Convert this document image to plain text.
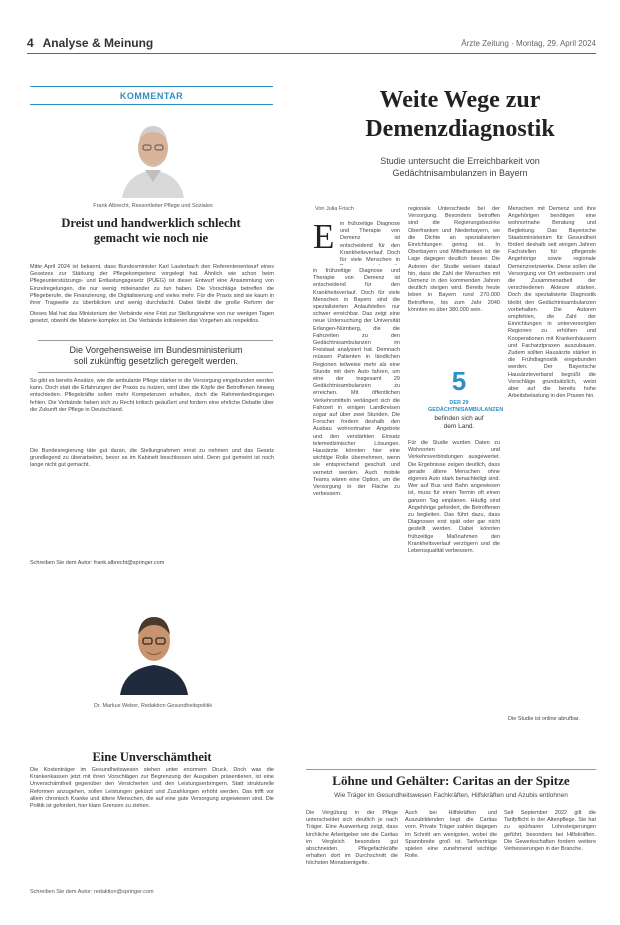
4 Analyse & Meinung	Ärzte Zeitung · Montag, 29. April 2024
KOMMENTAR
Frank Albrecht, Ressortleiter Pflege und Soziales
Dreist und handwerklich schlecht gemacht wie noch nie
Mitte April 2024 ist bekannt, dass Bundesminister Karl Lauterbach den Referentenentwurf eines Gesetzes zur Stärkung der Pflegekompetenz vorgelegt hat. Ähnlich wie schon beim Pflegeunterstützungs- und Entlastungsgesetz (PUEG) ist dieser Entwurf eine Ansammlung von Einzelregelungen, die nur wenig miteinander zu tun haben. Die Vorschläge betreffen die Pflegeberufe, die Finanzierung, die Digitalisierung und vieles mehr. Für die Praxis sind sie kaum in ihrer Tragweite zu überblicken und wenig durchdacht. Dabei bleibt die große Reform der
Dieses Mal hat das Ministerium der Verbände eine Frist zur Stellungnahme von nur wenigen Tagen gesetzt, obwohl die Materie komplex ist. Die Verbände kritisieren das Vorgehen als respektlos.
Die Vorgehensweise im Bundesministerium soll zukünftig gesetzlich geregelt werden.
So gibt es bereits Ansätze, wie die ambulante Pflege stärker in die Versorgung eingebunden werden kann. Doch statt die Erfahrungen der Praxis zu nutzen, wird über die Köpfe der Betroffenen hinweg entschieden. Pflegekräfte sollen mehr Kompetenzen erhalten, doch die Rahmenbedingungen fehlen. Die Verbände haben sich zu Recht kritisch geäußert und fordern eine ehrliche Debatte über die Zukunft der Pflege in Deutschland.
Die Bundesregierung täte gut daran, die Stellungnahmen ernst zu nehmen und das Gesetz grundlegend zu überarbeiten, bevor es im Kabinett beschlossen wird. Denn gut gemeint ist noch lange nicht gut gemacht.
Schreiben Sie dem Autor: frank.albrecht@springer.com
Dr. Markus Weber, Redaktion Gesundheitspolitik
Eine Unverschämtheit
Die Kostenträger im Gesundheitswesen stehen unter enormem Druck. Doch was die Krankenkassen jetzt mit ihren Vorschlägen zur Begrenzung der Ausgaben präsentieren, ist eine Unverschämtheit gegenüber den Versicherten und den Leistungserbringern. Statt strukturelle Reformen anzugehen, sollen Leistungen gekürzt und Zuzahlungen erhöht werden. Das trifft vor allem chronisch Kranke und ältere Menschen, die auf eine gute Versorgung angewiesen sind. Die Politik ist gefordert, hier klare Grenzen zu ziehen.
Schreiben Sie dem Autor: redaktion@springer.com
Weite Wege zur Demenzdiagnostik
Studie untersucht die Erreichbarkeit von Gedächtnisambulanzen in Bayern
Von Julia Frisch
E in frühzeitige Diagnose und Therapie von Demenz ist entscheidend für den Krankheitsverlauf. Doch für viele Menschen in
in frühzeitige Diagnose und Therapie von Demenz ist entscheidend für den Krankheitsverlauf. Doch für viele Menschen in Bayern sind die spezialisierten Anlaufstellen nur schwer erreichbar. Das zeigt eine neue Untersuchung der Universität Erlangen-Nürnberg, die die Fahrzeiten zu den Gedächtnisambulanzen im Freistaat analysiert hat. Demnach müssen Patienten in ländlichen Regionen teilweise mehr als eine Stunde mit dem Auto fahren, um eine der insgesamt 29 Gedächtnisambulanzen zu erreichen. Mit öffentlichen Verkehrsmitteln verlängert sich die Fahrzeit in einigen Landkreisen sogar auf über zwei Stunden. Die Forscher fordern deshalb den Ausbau wohnortnaher Angebote und den verstärkten Einsatz telemedizinischer Lösungen. Hausärzte könnten hier eine wichtige Rolle übernehmen, wenn sie entsprechend geschult und vernetzt werden. Auch mobile Teams wären eine Option, um die Versorgung in der Fläche zu verbessern.
regionale Unterschiede bei der Versorgung. Besonders betroffen sind die Regierungsbezirke Oberfranken und Niederbayern, wo die Dichte an spezialisierten Einrichtungen gering ist. In Oberbayern und Mittelfranken ist die Lage dagegen deutlich besser. Die Autoren der Studie weisen darauf hin, dass die Zahl der Menschen mit Demenz in den kommenden Jahren deutlich steigen wird. Bereits heute leben in Bayern rund 270.000 Betroffene, bis zum Jahr 2040 könnten es über 380.000 sein.
5
DER 29 GEDÄCHTNISAMBULANZEN
befinden sich auf dem Land.
Für die Studie wurden Daten zu Wohnorten und Verkehrsverbindungen ausgewertet. Die Ergebnisse zeigen deutlich, dass gerade ältere Menschen ohne eigenes Auto stark benachteiligt sind. Wer auf Bus und Bahn angewiesen ist, muss für einen Termin oft einen ganzen Tag einplanen. Häufig sind Angehörige gefordert, die Betroffenen zu begleiten. Das führt dazu, dass Diagnosen erst spät oder gar nicht gestellt werden. Dabei könnten frühzeitige Maßnahmen den Krankheitsverlauf verzögern und die Lebensqualität verbessern.
Menschen mit Demenz und ihre Angehörigen benötigen eine wohnortnahe Beratung und Begleitung. Das Bayerische Staatsministerium für Gesundheit fördert deshalb seit einigen Jahren Fachstellen für pflegende Angehörige sowie regionale Demenznetzwerke. Diese sollen die Versorgung vor Ort verbessern und die Zusammenarbeit der verschiedenen Akteure stärken. Doch die spezialisierte Diagnostik bleibt den Gedächtnisambulanzen vorbehalten. Die Autoren empfehlen, die Zahl der Einrichtungen in unterversorgten Regionen zu erhöhen und Kooperationen mit Krankenhäusern und Facharztpraxen auszubauen. Zudem sollten Hausärzte stärker in die Frühdiagnostik eingebunden werden. Der Bayerische Hausärzteverband begrüßt die Vorschläge grundsätzlich, weist aber auf die bereits hohe Arbeitsbelastung in den Praxen hin.
Die Studie ist online abrufbar.
Löhne und Gehälter: Caritas an der Spitze
Wie Träger im Gesundheitswesen Fachkräften, Hilfskräften und Azubis entlohnen
Die Vergütung in der Pflege unterscheidet sich deutlich je nach Träger. Eine Auswertung zeigt, dass kirchliche Arbeitgeber wie die Caritas im Vergleich besonders gut abschneiden. Pflegefachkräfte erhalten dort im Durchschnitt die höchsten Monatsentgelte.
Auch bei Hilfskräften und Auszubildenden liegt die Caritas vorn. Private Träger zahlen dagegen im Schnitt am wenigsten, wobei die Spannbreite groß ist. Tarifverträge spielen eine zunehmend wichtige Rolle.
Seit September 2022 gilt die Tarifpflicht in der Altenpflege. Sie hat zu spürbaren Lohnsteigerungen geführt, besonders bei Hilfskräften. Die Gewerkschaften fordern weitere Verbesserungen in der Branche.
